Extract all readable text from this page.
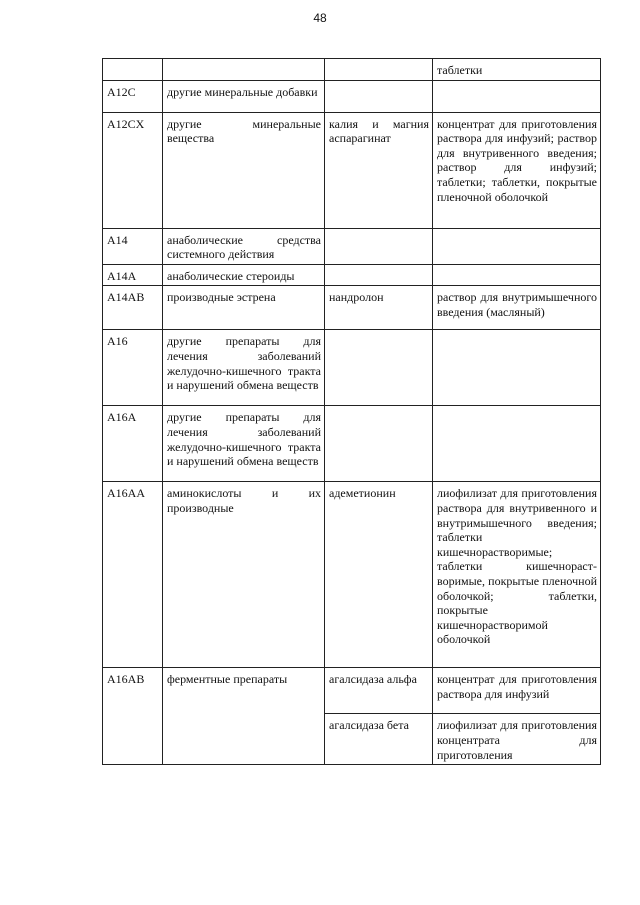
48
			таблетки
A12C	другие минеральные добавки		
A12CX	другие минеральные вещества	калия и магния аспарагинат	концентрат для приготовления раствора для инфузий; раствор для внутривенного введения; раствор для инфузий; таблетки; таблетки, покрытые пленочной оболочкой
A14	анаболические средства системного действия		
A14A	анаболические стероиды		
A14AB	производные эстрена	нандролон	раствор для внутримышечного введения (масляный)
A16	другие препараты для лечения заболеваний желудочно-кишечного тракта и нарушений обмена веществ		
A16A	другие препараты для лечения заболеваний желудочно-кишечного тракта и нарушений обмена веществ		
A16AA	аминокислоты и их производные	адеметионин	лиофилизат для приготовления раствора для внутривенного и внутримышечного введения; таблетки кишечнорастворимые; таблетки кишечнорастворимые, покрытые пленочной оболочкой; таблетки, покрытые кишечнорастворимой оболочкой
A16AB	ферментные препараты	агалсидаза альфа	концентрат для приготовления раствора для инфузий
		агалсидаза бета	лиофилизат для приготовления концентрата для приготовления
